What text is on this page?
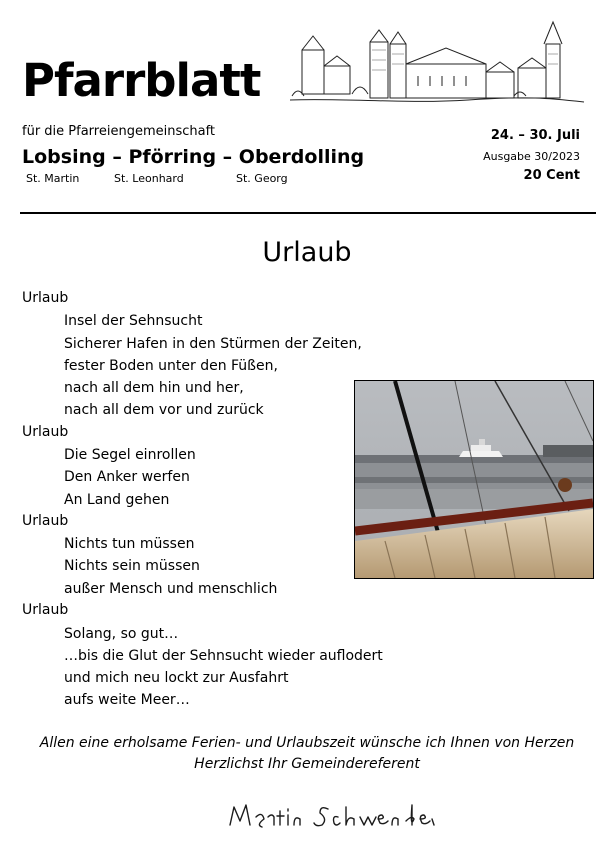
Pfarrblatt
für die Pfarreiengemeinschaft
Lobsing – Pförring – Oberdolling
St. Martin	St. Leonhard	St. Georg
24. – 30. Juli
Ausgabe 30/2023
20 Cent
Urlaub
Urlaub
Insel der Sehnsucht
Sicherer Hafen in den Stürmen der Zeiten,
fester Boden unter den Füßen,
nach all dem hin und her,
nach all dem vor und zurück
Urlaub
Die Segel einrollen
Den Anker werfen
An Land gehen
Urlaub
Nichts tun müssen
Nichts sein müssen
außer Mensch und menschlich
Urlaub
Solang, so gut…
…bis die Glut der Sehnsucht wieder auflodert
und mich neu lockt zur Ausfahrt
aufs weite Meer…
Allen eine erholsame Ferien- und Urlaubszeit wünsche ich Ihnen von Herzen
Herzlichst Ihr Gemeindereferent
